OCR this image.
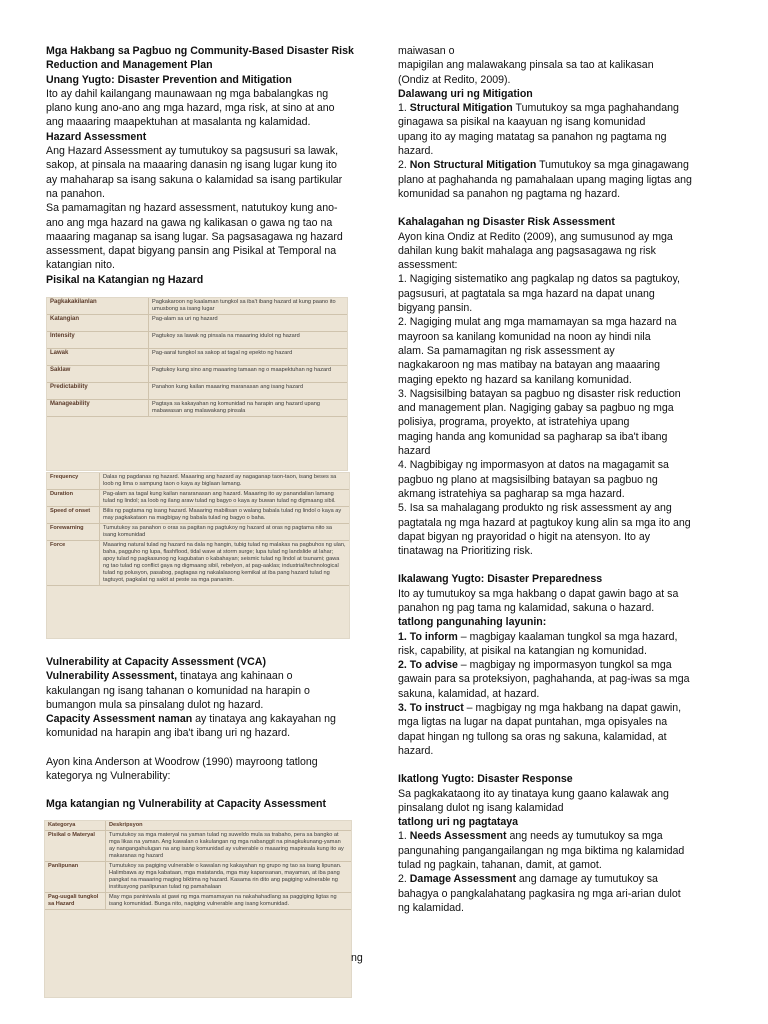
Mga Hakbang sa Pagbuo ng Community-Based Disaster Risk
Reduction and Management Plan
Unang Yugto: Disaster Prevention and Mitigation
Ito ay dahil kailangang maunawaan ng mga babalangkas ng
plano kung ano-ano ang mga hazard, mga risk, at sino at ano
ang maaaring maapektuhan at masalanta ng kalamidad.
Hazard Assessment
Ang Hazard Assessment ay tumutukoy sa pagsusuri sa lawak,
sakop, at pinsala na maaaring danasin ng isang lugar kung ito
ay mahaharap sa isang sakuna o kalamidad sa isang partikular
na panahon.
Sa pamamagitan ng hazard assessment, natutukoy kung ano-
ano ang mga hazard na gawa ng kalikasan o gawa ng tao na
maaaring maganap sa isang lugar. Sa pagsasagawa ng hazard
assessment, dapat bigyang pansin ang Pisikal at Temporal na
katangian nito.
Pisikal na Katangian ng Hazard
Pagkakakilanlan	Pagkakaroon ng kaalaman tungkol sa iba't ibang hazard at kung paano ito umusbong sa isang lugar
Katangian	Pag-alam sa uri ng hazard
Intensity	Pagtukoy sa lawak ng pinsala na maaaring idulot ng hazard
Lawak	Pag-aaral tungkol sa sakop at tagal ng epekto ng hazard
Saklaw	Pagtukoy kung sino ang maaaring tamaan ng o maapektuhan ng hazard
Predictability	Panahon kung kailan maaaring maranasan ang isang hazard
Manageability	Pagtaya sa kakayahan ng komunidad na harapin ang hazard upang mabawasan ang malawakang pinsala
Frequency	Dalas ng pagdanas ng hazard. Maaaring ang hazard ay nagaganap taon-taon, isang beses sa loob ng lima o sampung taon o kaya ay biglaan lamang.
Duration	Pag-alam sa tagal kung kailan nararanasan ang hazard. Maaaring ito ay panandalian lamang tulad ng lindol; sa loob ng ilang araw tulad ng bagyo o kaya ay buwan tulad ng digmaang sibil.
Speed of onset	Bilis ng pagtama ng isang hazard. Maaaring mabilisan o walang babala tulad ng lindol o kaya ay may pagkakataon na magbigay ng babala tulad ng bagyo o baha.
Forewarning	Tumutukoy sa panahon o oras sa pagitan ng pagtukoy ng hazard at oras ng pagtama nito sa isang komunidad
Force	Maaaring natural tulad ng hazard na dala ng hangin, tubig tulad ng malakas na pagbuhos ng ulan, baha, pagguho ng lupa, flashflood, tidal wave at storm surge; lupa tulad ng landslide at lahar; apoy tulad ng pagkasunog ng kagubatan o kabahayan; seismic tulad ng lindol at tsunami; gawa ng tao tulad ng conflict gaya ng digmaang sibil, rebelyon, at pag-aaklas; industrial/technological tulad ng polusyon, pasabog, pagtagas ng nakalalasong kemikal at iba pang hazard tulad ng tagtuyot, pagkalat ng sakit at peste sa mga pananim.
Vulnerability at Capacity Assessment (VCA)
Vulnerability Assessment, tinataya ang kahinaan o
kakulangan ng isang tahanan o komunidad na harapin o
bumangon mula sa pinsalang dulot ng hazard.
Capacity Assessment naman ay tinataya ang kakayahan ng
komunidad na harapin ang iba't ibang uri ng hazard.
Ayon kina Anderson at Woodrow (1990) mayroong tatlong
kategorya ng Vulnerability:
Mga katangian ng Vulnerability at Capacity Assessment
Kategorya	Deskripsyon
Pisikal o Materyal	Tumutukoy sa mga materyal na yaman tulad ng suweldo mula sa trabaho, pera sa bangko at mga likas na yaman. Ang kawalan o kakulangan ng mga nabanggit na pinagkukunang-yaman ay nangangahulugan na ang isang komunidad ay vulnerable o maaaring mapinsala kung ito ay makaranas ng hazard
Panlipunan	Tumutukoy sa pagiging vulnerable o kawalan ng kakayahan ng grupo ng tao sa isang lipunan. Halimbawa ay mga kabataan, mga matatanda, mga may kapansanan, mayaman, at iba pang pangkat na maaaring maging biktima ng hazard. Kasama rin dito ang pagiging vulnerable ng institusyong panlipunan tulad ng pamahalaan
Pag-uugali tungkol sa Hazard	May mga paniniwala at gawi ng mga mamamayan na nakahahadlang sa paggiging ligtas ng isang komunidad. Bunga nito, nagiging vulnerable ang isang komunidad.
ng
maiwasan o
mapigilan ang malawakang pinsala sa tao at kalikasan
(Ondiz at Redito, 2009).
Dalawang uri ng Mitigation
1. Structural Mitigation Tumutukoy sa mga paghahandang
ginagawa sa pisikal na kaayuan ng isang komunidad
upang ito ay maging matatag sa panahon ng pagtama ng
hazard.
2. Non Structural Mitigation Tumutukoy sa mga ginagawang
plano at paghahanda ng pamahalaan upang maging ligtas ang
komunidad sa panahon ng pagtama ng hazard.
Kahalagahan ng Disaster Risk Assessment
Ayon kina Ondiz at Redito (2009), ang sumusunod ay mga
dahilan kung bakit mahalaga ang pagsasagawa ng risk
assessment:
1. Nagiging sistematiko ang pagkalap ng datos sa pagtukoy,
pagsusuri, at pagtatala sa mga hazard na dapat unang
bigyang pansin.
2. Nagiging mulat ang mga mamamayan sa mga hazard na
mayroon sa kanilang komunidad na noon ay hindi nila
alam. Sa pamamagitan ng risk assessment ay
nagkakaroon ng mas matibay na batayan ang maaaring
maging epekto ng hazard sa kanilang komunidad.
3. Nagsisilbing batayan sa pagbuo ng disaster risk reduction
and management plan. Nagiging gabay sa pagbuo ng mga
polisiya, programa, proyekto, at istratehiya upang
maging handa ang komunidad sa pagharap sa iba't ibang
hazard
4. Nagbibigay ng impormasyon at datos na magagamit sa
pagbuo ng plano at magsisilbing batayan sa pagbuo ng
akmang istratehiya sa pagharap sa mga hazard.
5. Isa sa mahalagang produkto ng risk assessment ay ang
pagtatala ng mga hazard at pagtukoy kung alin sa mga ito ang
dapat bigyan ng prayoridad o higit na atensyon. Ito ay
tinatawag na Prioritizing risk.
Ikalawang Yugto: Disaster Preparedness
Ito ay tumutukoy sa mga hakbang o dapat gawin bago at sa
panahon ng pag tama ng kalamidad, sakuna o hazard.
tatlong pangunahing layunin:
1. To inform – magbigay kaalaman tungkol sa mga hazard,
risk, capability, at pisikal na katangian ng komunidad.
2. To advise – magbigay ng impormasyon tungkol sa mga
gawain para sa proteksiyon, paghahanda, at pag-iwas sa mga
sakuna, kalamidad, at hazard.
3. To instruct – magbigay ng mga hakbang na dapat gawin,
mga ligtas na lugar na dapat puntahan, mga opisyales na
dapat hingan ng tullong sa oras ng sakuna, kalamidad, at
hazard.
Ikatlong Yugto: Disaster Response
Sa pagkakataong ito ay tinataya kung gaano kalawak ang
pinsalang dulot ng isang kalamidad
tatlong uri ng pagtataya
1. Needs Assessment ang needs ay tumutukoy sa mga
pangunahing pangangailangan ng mga biktima ng kalamidad
tulad ng pagkain, tahanan, damit, at gamot.
2. Damage Assessment ang damage ay tumutukoy sa
bahagya o pangkalahatang pagkasira ng mga ari-arian dulot
ng kalamidad.
